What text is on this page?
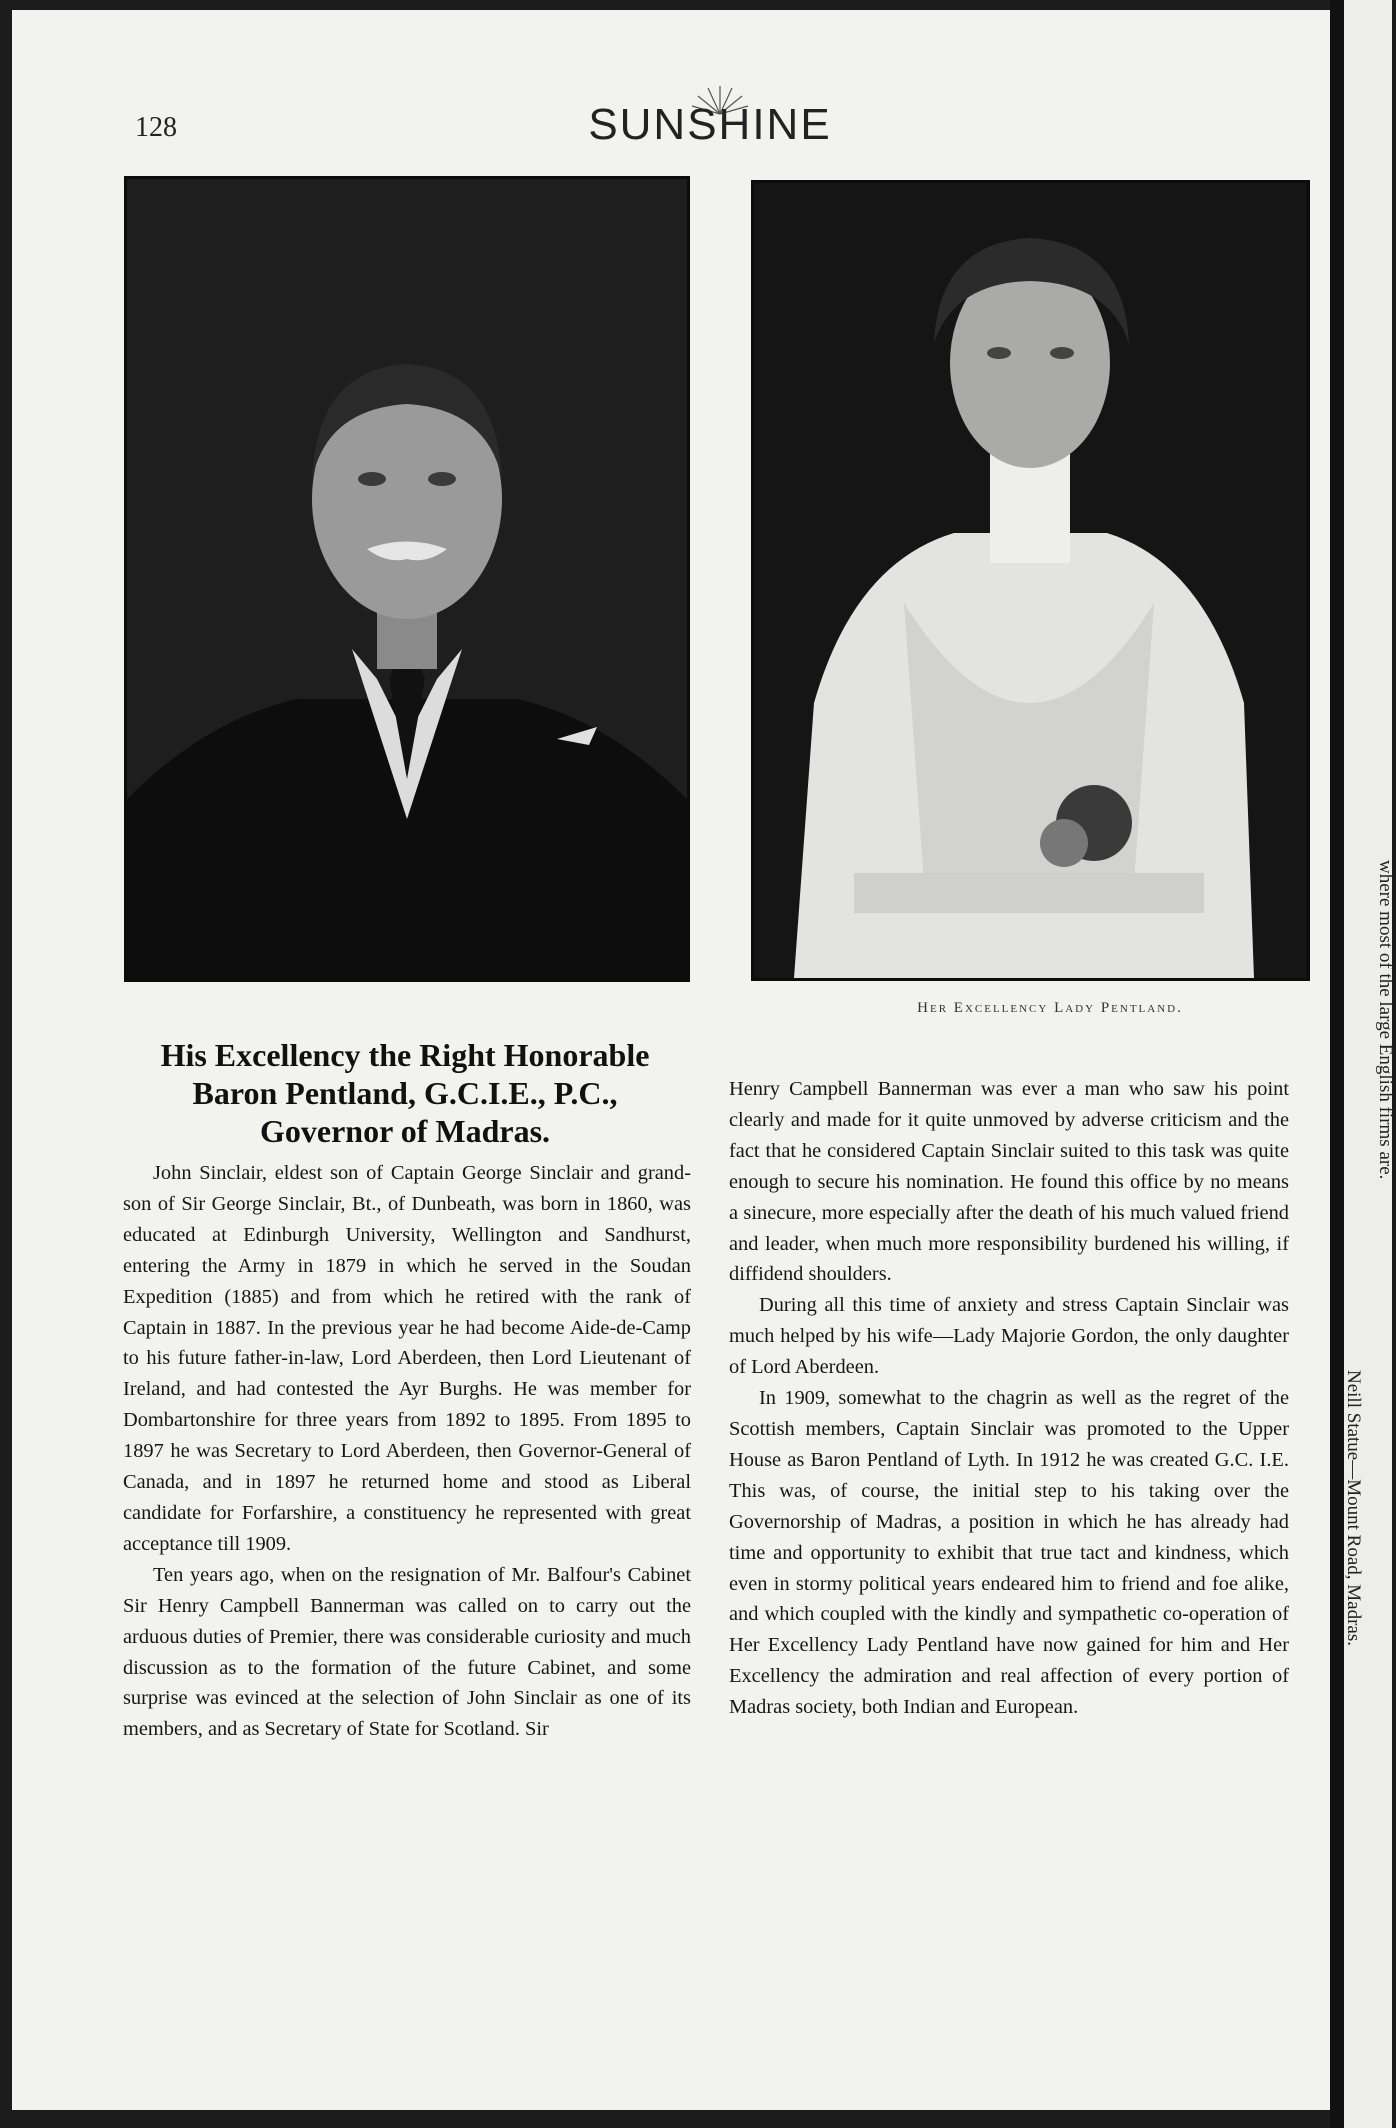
where most of the large English firms are.
Neill Statue—Mount Road, Madras.
128	SUNSHINE
Her Excellency Lady Pentland.
His Excellency the Right Honorable
Baron Pentland, G.C.I.E., P.C.,
Governor of Madras.

John Sinclair, eldest son of Captain George Sinclair and grand-son of Sir George Sinclair, Bt., of Dunbeath, was born in 1860, was educated at Edinburgh University, Wellington and Sandhurst, entering the Army in 1879 in which he served in the Soudan Expedition (1885) and from which he retired with the rank of Captain in 1887. In the previous year he had become Aide-de-Camp to his future father-in-law, Lord Aberdeen, then Lord Lieutenant of Ireland, and had contested the Ayr Burghs. He was member for Dombartonshire for three years from 1892 to 1895. From 1895 to 1897 he was Secretary to Lord Aberdeen, then Governor-General of Canada, and in 1897 he returned home and stood as Liberal candidate for Forfarshire, a constituency he represented with great acceptance till 1909.

Ten years ago, when on the resignation of Mr. Balfour's Cabinet Sir Henry Campbell Bannerman was called on to carry out the arduous duties of Premier, there was considerable curiosity and much discussion as to the formation of the future Cabinet, and some surprise was evinced at the selection of John Sinclair as one of its members, and as Secretary of State for Scotland. Sir

Henry Campbell Bannerman was ever a man who saw his point clearly and made for it quite unmoved by adverse criticism and the fact that he considered Captain Sinclair suited to this task was quite enough to secure his nomination. He found this office by no means a sinecure, more especially after the death of his much valued friend and leader, when much more responsibility burdened his willing, if diffidend shoulders.

During all this time of anxiety and stress Captain Sinclair was much helped by his wife—Lady Majorie Gordon, the only daughter of Lord Aberdeen.

In 1909, somewhat to the chagrin as well as the regret of the Scottish members, Captain Sinclair was promoted to the Upper House as Baron Pentland of Lyth. In 1912 he was created G.C. I.E. This was, of course, the initial step to his taking over the Governorship of Madras, a position in which he has already had time and opportunity to exhibit that true tact and kindness, which even in stormy political years endeared him to friend and foe alike, and which coupled with the kindly and sympathetic co-operation of Her Excellency Lady Pentland have now gained for him and Her Excellency the admiration and real affection of every portion of Madras society, both Indian and European.
